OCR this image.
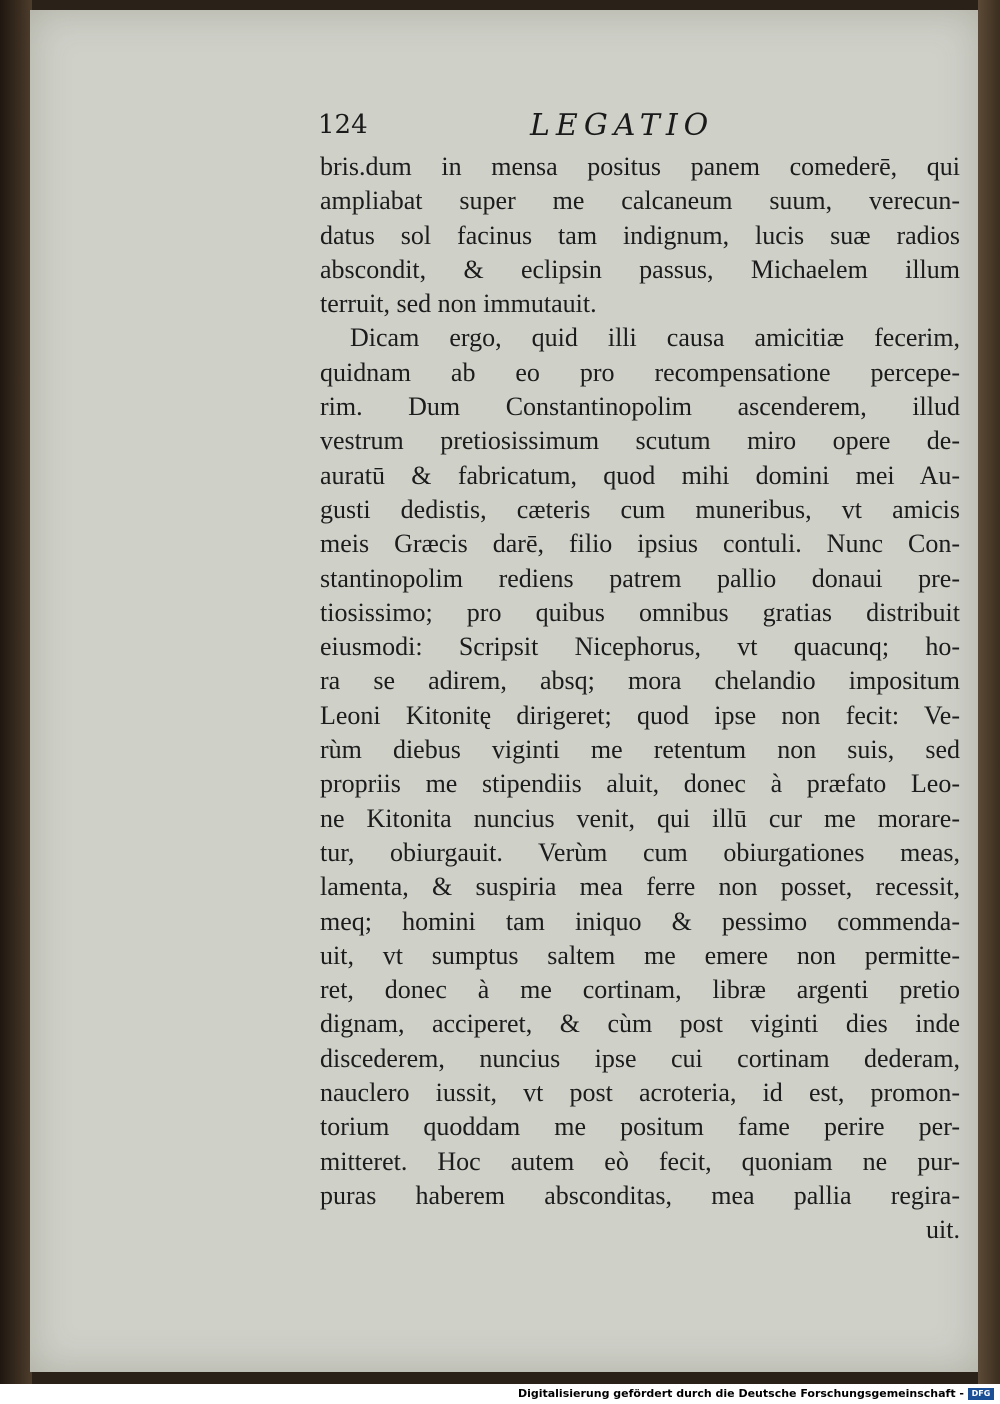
124	LEGATIO
bris.dum in mensa positus panem comederē, qui
ampliabat super me calcaneum suum, verecun-
datus sol facinus tam indignum, lucis suæ radios
abscondit, & eclipsin passus, Michaelem illum
terruit, sed non immutauit.
Dicam ergo, quid illi causa amicitiæ fecerim,
quidnam ab eo pro recompensatione percepe-
rim. Dum Constantinopolim ascenderem, illud
vestrum pretiosissimum scutum miro opere de-
auratū & fabricatum, quod mihi domini mei Au-
gusti dedistis, cæteris cum muneribus, vt amicis
meis Græcis darē, filio ipsius contuli. Nunc Con-
stantinopolim rediens patrem pallio donaui pre-
tiosissimo; pro quibus omnibus gratias distribuit
eiusmodi: Scripsit Nicephorus, vt quacunq; ho-
ra se adirem, absq; mora chelandio impositum
Leoni Kitonitę dirigeret; quod ipse non fecit: Ve-
rùm diebus viginti me retentum non suis, sed
propriis me stipendiis aluit, donec à præfato Leo-
ne Kitonita nuncius venit, qui illū cur me morare-
tur, obiurgauit. Verùm cum obiurgationes meas,
lamenta, & suspiria mea ferre non posset, recessit,
meq; homini tam iniquo & pessimo commenda-
uit, vt sumptus saltem me emere non permitte-
ret, donec à me cortinam, libræ argenti pretio
dignam, acciperet, & cùm post viginti dies inde
discederem, nuncius ipse cui cortinam dederam,
nauclero iussit, vt post acroteria, id est, promon-
torium quoddam me positum fame perire per-
mitteret. Hoc autem eò fecit, quoniam ne pur-
puras haberem absconditas, mea pallia regira-
uit.
Digitalisierung gefördert durch die Deutsche Forschungsgemeinschaft - DFG
